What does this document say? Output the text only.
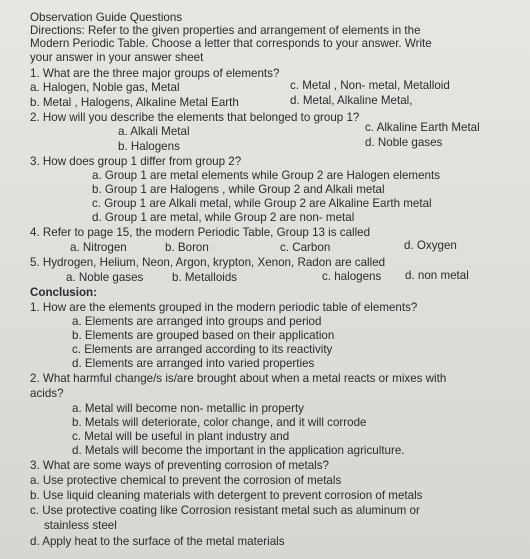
Observation Guide Questions
Directions: Refer to the given properties and arrangement of elements in the
Modern Periodic Table. Choose a letter that corresponds to your answer. Write
your answer in your answer sheet
1. What are the three major groups of elements?
a. Halogen, Noble gas, Metal	c. Metal , Non- metal, Metalloid
b. Metal , Halogens, Alkaline Metal Earth	d. Metal, Alkaline Metal,
2. How will you describe the elements that belonged to group 1?
a. Alkali Metal	c. Alkaline Earth Metal
b. Halogens	d. Noble gases
3. How does group 1 differ from group 2?
a. Group 1 are metal elements while Group 2 are Halogen elements
b. Group 1 are Halogens , while Group 2 and Alkali metal
c. Group 1 are Alkali metal, while Group 2 are Alkaline Earth metal
d. Group 1 are metal, while Group 2 are non- metal
4. Refer to page 15, the modern Periodic Table, Group 13 is called
a. Nitrogen	b. Boron	c. Carbon	d. Oxygen
5. Hydrogen, Helium, Neon, Argon, krypton, Xenon, Radon are called
a. Noble gases b. Metalloids	c. halogens d. non metal
Conclusion:
1. How are the elements grouped in the modern periodic table of elements?
a. Elements are arranged into groups and period
b. Elements are grouped based on their application
c. Elements are arranged according to its reactivity
d. Elements are arranged into varied properties
2. What harmful change/s is/are brought about when a metal reacts or mixes with
acids?
a. Metal will become non- metallic in property
b. Metals will deteriorate, color change, and it will corrode
c. Metal will be useful in plant industry and
d. Metals will become the important in the application agriculture.
3. What are some ways of preventing corrosion of metals?
a. Use protective chemical to prevent the corrosion of metals
b. Use liquid cleaning materials with detergent to prevent corrosion of metals
c. Use protective coating like Corrosion resistant metal such as aluminum or
stainless steel
d. Apply heat to the surface of the metal materials
